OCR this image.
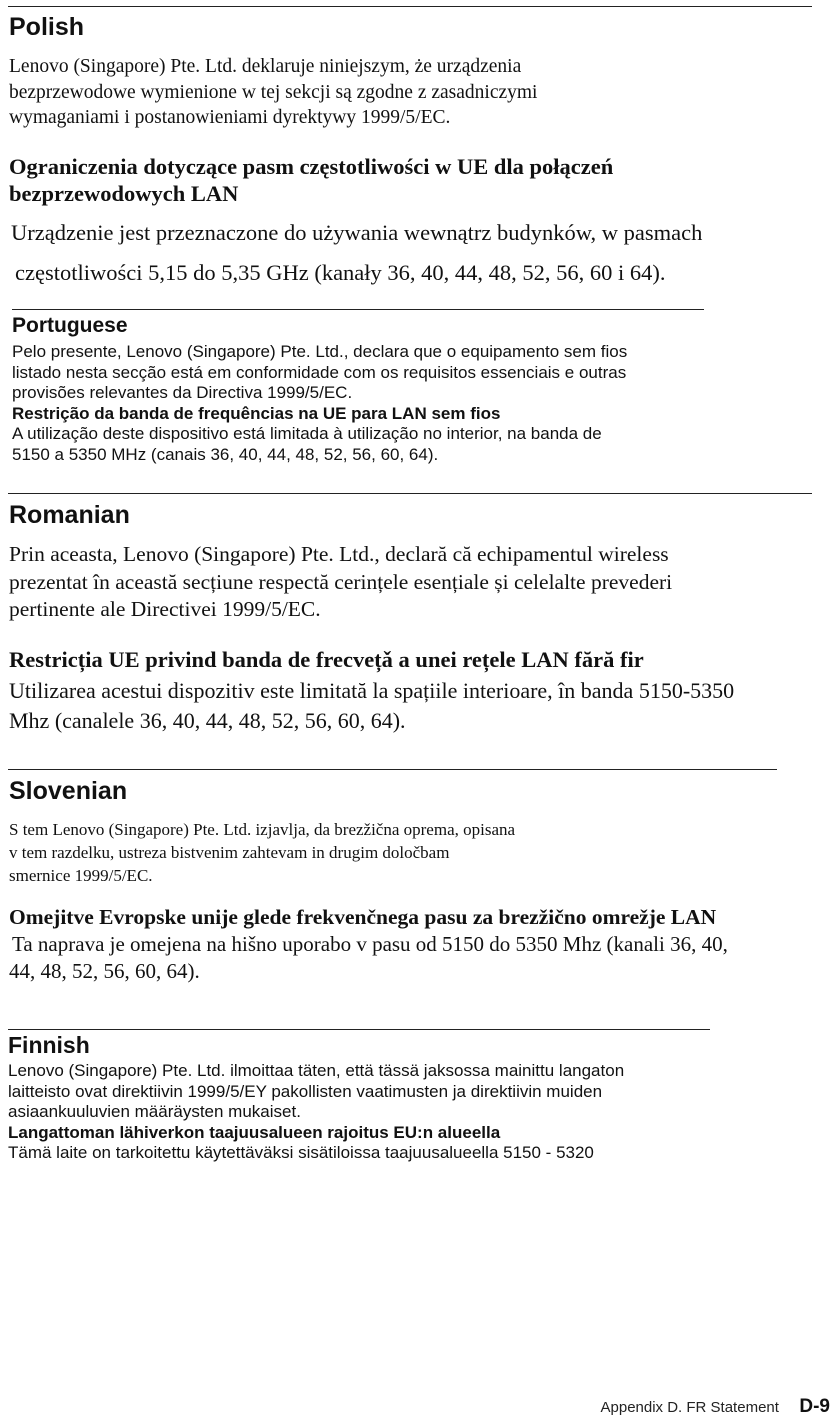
Polish
Lenovo (Singapore) Pte. Ltd. deklaruje niniejszym, że urządzenia
bezprzewodowe wymienione w tej sekcji są zgodne z zasadniczymi
wymaganiami i postanowieniami dyrektywy 1999/5/EC.
Ograniczenia dotyczące pasm częstotliwości w UE dla połączeń
bezprzewodowych LAN
Urządzenie jest przeznaczone do używania wewnątrz budynków, w pasmach
częstotliwości 5,15 do 5,35 GHz (kanały 36, 40, 44, 48, 52, 56, 60 i 64).
Portuguese
Pelo presente, Lenovo (Singapore) Pte. Ltd., declara que o equipamento sem fios
listado nesta secção está em conformidade com os requisitos essenciais e outras
provisões relevantes da Directiva 1999/5/EC.
Restrição da banda de frequências na UE para LAN sem fios
A utilização deste dispositivo está limitada à utilização no interior, na banda de
5150 a 5350 MHz (canais 36, 40, 44, 48, 52, 56, 60, 64).
Romanian
Prin aceasta, Lenovo (Singapore) Pte. Ltd., declară că echipamentul wireless
prezentat în această secțiune respectă cerințele esențiale și celelalte prevederi
pertinente ale Directivei 1999/5/EC.
Restricția UE privind banda de frecvețǎ a unei rețele LAN fără fir
Utilizarea acestui dispozitiv este limitată la spațiile interioare, în banda 5150-5350
Mhz (canalele 36, 40, 44, 48, 52, 56, 60, 64).
Slovenian
S tem Lenovo (Singapore) Pte. Ltd. izjavlja, da brezžična oprema, opisana
v tem razdelku, ustreza bistvenim zahtevam in drugim določbam
smernice 1999/5/EC.
Omejitve Evropske unije glede frekvenčnega pasu za brezžično omrežje LAN
Ta naprava je omejena na hišno uporabo v pasu od 5150 do 5350 Mhz (kanali 36, 40,
44, 48, 52, 56, 60, 64).
Finnish
Lenovo (Singapore) Pte. Ltd. ilmoittaa täten, että tässä jaksossa mainittu langaton
laitteisto ovat direktiivin 1999/5/EY pakollisten vaatimusten ja direktiivin muiden
asiaankuuluvien määräysten mukaiset.
Langattoman lähiverkon taajuusalueen rajoitus EU:n alueella
Tämä laite on tarkoitettu käytettäväksi sisätiloissa taajuusalueella 5150 - 5320
Appendix D. FR Statement D-9
